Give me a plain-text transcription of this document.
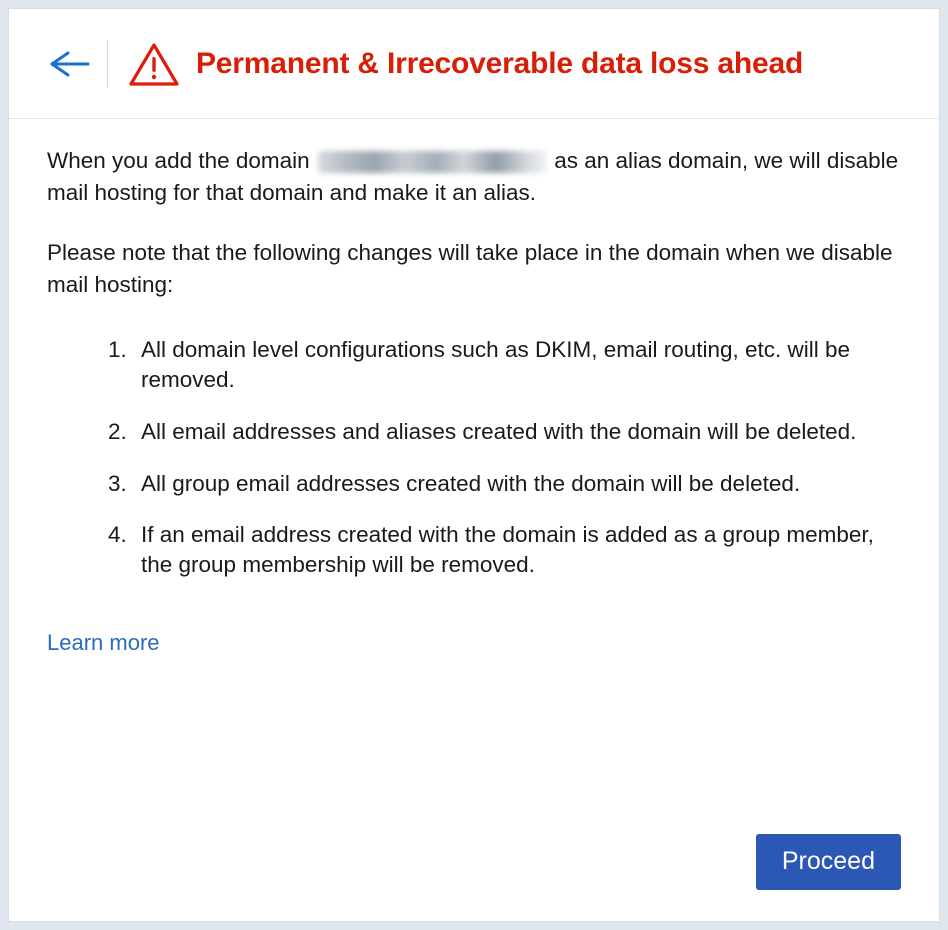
Permanent & Irrecoverable data loss ahead

When you add the domain	as an alias domain, we will disable mail hosting for that domain and make it an alias.

Please note that the following changes will take place in the domain when we disable mail hosting:

1. All domain level configurations such as DKIM, email routing, etc. will be removed.
2. All email addresses and aliases created with the domain will be deleted.
3. All group email addresses created with the domain will be deleted.
4. If an email address created with the domain is added as a group member, the group membership will be removed.
Learn more
Proceed
